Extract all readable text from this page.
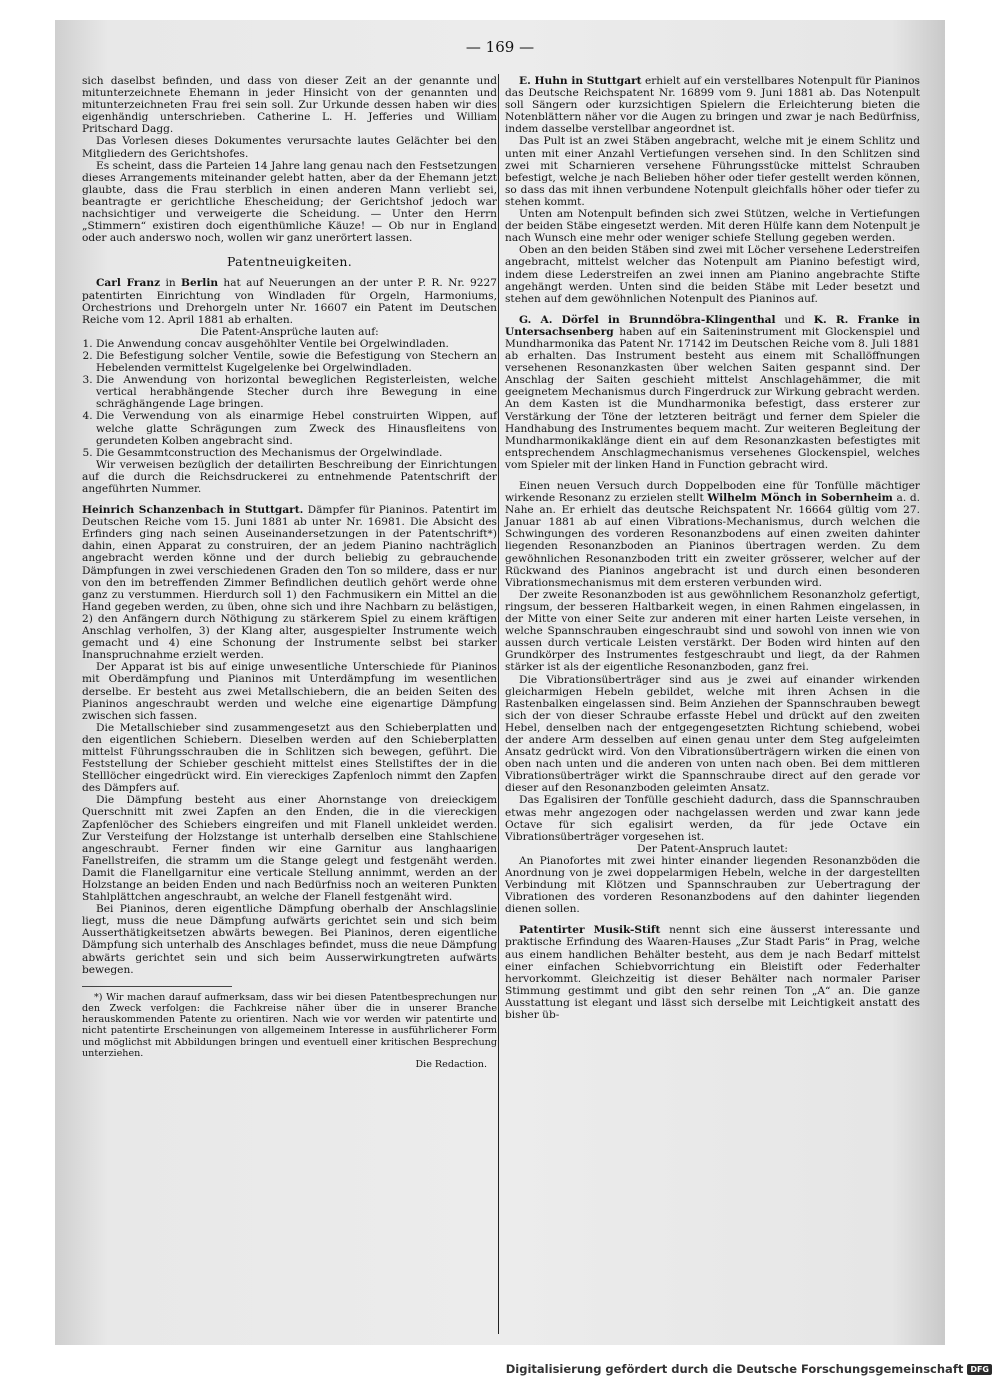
— 169 —

sich daselbst befinden, und dass von dieser Zeit an der genannte und mitunterzeichnete Ehemann in jeder Hinsicht von der genannten und mitunterzeichneten Frau frei sein soll. Zur Urkunde dessen haben wir dies eigenhändig unterschrieben. Catherine L. H. Jefferies und William Pritschard Dagg.

Das Vorlesen dieses Dokumentes verursachte lautes Gelächter bei den Mitgliedern des Gerichtshofes.

Es scheint, dass die Parteien 14 Jahre lang genau nach den Festsetzungen dieses Arrangements miteinander gelebt hatten, aber da der Ehemann jetzt glaubte, dass die Frau sterblich in einen anderen Mann verliebt sei, beantragte er gerichtliche Ehescheidung; der Gerichtshof jedoch war nachsichtiger und verweigerte die Scheidung. — Unter den Herrn „Stimmern“ existiren doch eigenthümliche Käuze! — Ob nur in England oder auch anderswo noch, wollen wir ganz unerörtert lassen.

Patentneuigkeiten.

Carl Franz in Berlin hat auf Neuerungen an der unter P. R. Nr. 9227 patentirten Einrichtung von Windladen für Orgeln, Harmoniums, Orchestrions und Drehorgeln unter Nr. 16607 ein Patent im Deutschen Reiche vom 12. April 1881 ab erhalten.

Die Patent-Ansprüche lauten auf:

1. Die Anwendung concav ausgehöhlter Ventile bei Orgelwindladen.
2. Die Befestigung solcher Ventile, sowie die Befestigung von Stechern an Hebelenden vermittelst Kugelgelenke bei Orgelwindladen.
3. Die Anwendung von horizontal beweglichen Registerleisten, welche vertical herabhängende Stecher durch ihre Bewegung in eine schräghängende Lage bringen.
4. Die Verwendung von als einarmige Hebel construirten Wippen, auf welche glatte Schrägungen zum Zweck des Hinausfleitens von gerundeten Kolben angebracht sind.
5. Die Gesammtconstruction des Mechanismus der Orgelwindlade.

Wir verweisen bezüglich der detailirten Beschreibung der Einrichtungen auf die durch die Reichsdruckerei zu entnehmende Patentschrift der angeführten Nummer.

Heinrich Schanzenbach in Stuttgart. Dämpfer für Pianinos. Patentirt im Deutschen Reiche vom 15. Juni 1881 ab unter Nr. 16981. Die Absicht des Erfinders ging nach seinen Auseinandersetzungen in der Patentschrift*) dahin, einen Apparat zu construiren, der an jedem Pianino nachträglich angebracht werden könne und der durch beliebig zu gebrauchende Dämpfungen in zwei verschiedenen Graden den Ton so mildere, dass er nur von den im betreffenden Zimmer Befindlichen deutlich gehört werde ohne ganz zu verstummen. Hierdurch soll 1) den Fachmusikern ein Mittel an die Hand gegeben werden, zu üben, ohne sich und ihre Nachbarn zu belästigen, 2) den Anfängern durch Nöthigung zu stärkerem Spiel zu einem kräftigen Anschlag verholfen, 3) der Klang alter, ausgespielter Instrumente weich gemacht und 4) eine Schonung der Instrumente selbst bei starker Inanspruchnahme erzielt werden.

Der Apparat ist bis auf einige unwesentliche Unterschiede für Pianinos mit Oberdämpfung und Pianinos mit Unterdämpfung im wesentlichen derselbe. Er besteht aus zwei Metallschiebern, die an beiden Seiten des Pianinos angeschraubt werden und welche eine eigenartige Dämpfung zwischen sich fassen.

Die Metallschieber sind zusammengesetzt aus den Schieberplatten und den eigentlichen Schiebern. Dieselben werden auf den Schieberplatten mittelst Führungsschrauben die in Schlitzen sich bewegen, geführt. Die Feststellung der Schieber geschieht mittelst eines Stellstiftes der in die Stelllöcher eingedrückt wird. Ein viereckiges Zapfenloch nimmt den Zapfen des Dämpfers auf.

Die Dämpfung besteht aus einer Ahornstange von dreieckigem Querschnitt mit zwei Zapfen an den Enden, die in die viereckigen Zapfenlöcher des Schiebers eingreifen und mit Flanell unkleidet werden. Zur Versteifung der Holzstange ist unterhalb derselben eine Stahlschiene angeschraubt. Ferner finden wir eine Garnitur aus langhaarigen Fanellstreifen, die stramm um die Stange gelegt und festgenäht werden. Damit die Flanellgarnitur eine verticale Stellung annimmt, werden an der Holzstange an beiden Enden und nach Bedürfniss noch an weiteren Punkten Stahlplättchen angeschraubt, an welche der Flanell festgenäht wird.

Bei Pianinos, deren eigentliche Dämpfung oberhalb der Anschlagslinie liegt, muss die neue Dämpfung aufwärts gerichtet sein und sich beim Ausserthätigkeitsetzen abwärts bewegen. Bei Pianinos, deren eigentliche Dämpfung sich unterhalb des Anschlages befindet, muss die neue Dämpfung abwärts gerichtet sein und sich beim Ausserwirkungtreten aufwärts bewegen.

*) Wir machen darauf aufmerksam, dass wir bei diesen Patentbesprechungen nur den Zweck verfolgen: die Fachkreise näher über die in unserer Branche herauskommenden Patente zu orientiren. Nach wie vor werden wir patentirte und nicht patentirte Erscheinungen von allgemeinem Interesse in ausführlicherer Form und möglichst mit Abbildungen bringen und eventuell einer kritischen Besprechung unterziehen.

Die Redaction.

E. Huhn in Stuttgart erhielt auf ein verstellbares Notenpult für Pianinos das Deutsche Reichspatent Nr. 16899 vom 9. Juni 1881 ab. Das Notenpult soll Sängern oder kurzsichtigen Spielern die Erleichterung bieten die Notenblättern näher vor die Augen zu bringen und zwar je nach Bedürfniss, indem dasselbe verstellbar angeordnet ist.

Das Pult ist an zwei Stäben angebracht, welche mit je einem Schlitz und unten mit einer Anzahl Vertiefungen versehen sind. In den Schlitzen sind zwei mit Scharnieren versehene Führungsstücke mittelst Schrauben befestigt, welche je nach Belieben höher oder tiefer gestellt werden können, so dass das mit ihnen verbundene Notenpult gleichfalls höher oder tiefer zu stehen kommt.

Unten am Notenpult befinden sich zwei Stützen, welche in Vertiefungen der beiden Stäbe eingesetzt werden. Mit deren Hülfe kann dem Notenpult je nach Wunsch eine mehr oder weniger schiefe Stellung gegeben werden.

Oben an den beiden Stäben sind zwei mit Löcher versehene Lederstreifen angebracht, mittelst welcher das Notenpult am Pianino befestigt wird, indem diese Lederstreifen an zwei innen am Pianino angebrachte Stifte angehängt werden. Unten sind die beiden Stäbe mit Leder besetzt und stehen auf dem gewöhnlichen Notenpult des Pianinos auf.

G. A. Dörfel in Brunndöbra-Klingenthal und K. R. Franke in Untersachsenberg haben auf ein Saiteninstrument mit Glockenspiel und Mundharmonika das Patent Nr. 17142 im Deutschen Reiche vom 8. Juli 1881 ab erhalten. Das Instrument besteht aus einem mit Schallöffnungen versehenen Resonanzkasten über welchen Saiten gespannt sind. Der Anschlag der Saiten geschieht mittelst Anschlagehämmer, die mit geeignetem Mechanismus durch Fingerdruck zur Wirkung gebracht werden. An dem Kasten ist die Mundharmonika befestigt, dass ersterer zur Verstärkung der Töne der letzteren beiträgt und ferner dem Spieler die Handhabung des Instrumentes bequem macht. Zur weiteren Begleitung der Mundharmonikaklänge dient ein auf dem Resonanzkasten befestigtes mit entsprechendem Anschlagmechanismus versehenes Glockenspiel, welches vom Spieler mit der linken Hand in Function gebracht wird.

Einen neuen Versuch durch Doppelboden eine für Tonfülle mächtiger wirkende Resonanz zu erzielen stellt Wilhelm Mönch in Sobernheim a. d. Nahe an. Er erhielt das deutsche Reichspatent Nr. 16664 gültig vom 27. Januar 1881 ab auf einen Vibrations-Mechanismus, durch welchen die Schwingungen des vorderen Resonanzbodens auf einen zweiten dahinter liegenden Resonanzboden an Pianinos übertragen werden. Zu dem gewöhnlichen Resonanzboden tritt ein zweiter grösserer, welcher auf der Rückwand des Pianinos angebracht ist und durch einen besonderen Vibrationsmechanismus mit dem ersteren verbunden wird.

Der zweite Resonanzboden ist aus gewöhnlichem Resonanzholz gefertigt, ringsum, der besseren Haltbarkeit wegen, in einen Rahmen eingelassen, in der Mitte von einer Seite zur anderen mit einer harten Leiste versehen, in welche Spannschrauben eingeschraubt sind und sowohl von innen wie von aussen durch verticale Leisten verstärkt. Der Boden wird hinten auf den Grundkörper des Instrumentes festgeschraubt und liegt, da der Rahmen stärker ist als der eigentliche Resonanzboden, ganz frei.

Die Vibrationsüberträger sind aus je zwei auf einander wirkenden gleicharmigen Hebeln gebildet, welche mit ihren Achsen in die Rastenbalken eingelassen sind. Beim Anziehen der Spannschrauben bewegt sich der von dieser Schraube erfasste Hebel und drückt auf den zweiten Hebel, denselben nach der entgegengesetzten Richtung schiebend, wobei der andere Arm desselben auf einen genau unter dem Steg aufgeleimten Ansatz gedrückt wird. Von den Vibrationsüberträgern wirken die einen von oben nach unten und die anderen von unten nach oben. Bei dem mittleren Vibrationsüberträger wirkt die Spannschraube direct auf den gerade vor dieser auf den Resonanzboden geleimten Ansatz.

Das Egalisiren der Tonfülle geschieht dadurch, dass die Spannschrauben etwas mehr angezogen oder nachgelassen werden und zwar kann jede Octave für sich egalisirt werden, da für jede Octave ein Vibrationsüberträger vorgesehen ist.

Der Patent-Anspruch lautet:

An Pianofortes mit zwei hinter einander liegenden Resonanzböden die Anordnung von je zwei doppelarmigen Hebeln, welche in der dargestellten Verbindung mit Klötzen und Spannschrauben zur Uebertragung der Vibrationen des vorderen Resonanzbodens auf den dahinter liegenden dienen sollen.

Patentirter Musik-Stift nennt sich eine äusserst interessante und praktische Erfindung des Waaren-Hauses „Zur Stadt Paris“ in Prag, welche aus einem handlichen Behälter besteht, aus dem je nach Bedarf mittelst einer einfachen Schiebvorrichtung ein Bleistift oder Federhalter hervorkommt. Gleichzeitig ist dieser Behälter nach normaler Pariser Stimmung gestimmt und gibt den sehr reinen Ton „A“ an. Die ganze Ausstattung ist elegant und lässt sich derselbe mit Leichtigkeit anstatt des bisher üb-

Digitalisierung gefördert durch die Deutsche Forschungsgemeinschaft DFG
